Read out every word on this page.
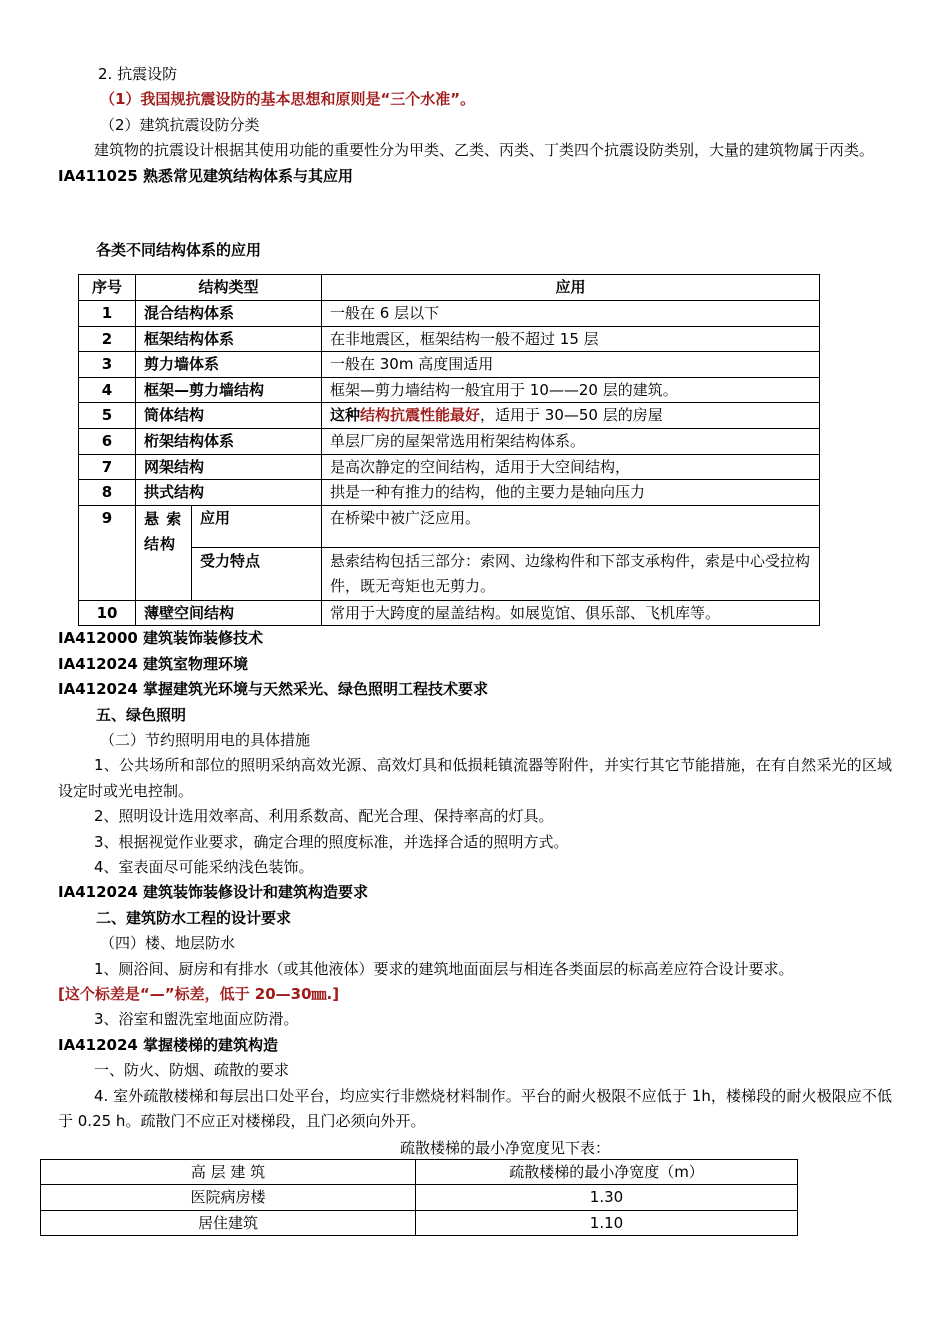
2. 抗震设防

（1）我国规抗震设防的基本思想和原则是“三个水准”。

（2）建筑抗震设防分类

建筑物的抗震设计根据其使用功能的重要性分为甲类、乙类、丙类、丁类四个抗震设防类别，大量的建筑物属于丙类。

IA411025 熟悉常见建筑结构体系与其应用

各类不同结构体系的应用

序号	结构类型		应用
1	混合结构体系		一般在 6 层以下
2	框架结构体系		在非地震区，框架结构一般不超过 15 层
3	剪力墙体系		一般在 30m 高度围适用
4	框架—剪力墙结构		框架—剪力墙结构一般宜用于 10——20 层的建筑。
5	筒体结构		这种结构抗震性能最好，适用于 30—50 层的房屋
6	桁架结构体系		单层厂房的屋架常选用桁架结构体系。
7	网架结构		是高次静定的空间结构，适用于大空间结构，
8	拱式结构		拱是一种有推力的结构，他的主要力是轴向压力
9	悬 索 结构	应用	在桥梁中被广泛应用。
		受力特点	悬索结构包括三部分：索网、边缘构件和下部支承构件，索是中心受拉构件，既无弯矩也无剪力。
10	薄壁空间结构		常用于大跨度的屋盖结构。如展览馆、俱乐部、飞机库等。

IA412000 建筑装饰装修技术

IA412024 建筑室物理环境

IA412024 掌握建筑光环境与天然采光、绿色照明工程技术要求

五、绿色照明

（二）节约照明用电的具体措施

1、公共场所和部位的照明采纳高效光源、高效灯具和低损耗镇流器等附件，并实行其它节能措施，在有自然采光的区域设定时或光电控制。

2、照明设计选用效率高、利用系数高、配光合理、保持率高的灯具。

3、根据视觉作业要求，确定合理的照度标准，并选择合适的照明方式。

4、室表面尽可能采纳浅色装饰。

IA412024 建筑装饰装修设计和建筑构造要求

二、建筑防水工程的设计要求

（四）楼、地层防水

1、厕浴间、厨房和有排水（或其他液体）要求的建筑地面面层与相连各类面层的标高差应符合设计要求。

[这个标差是“—”标差，低于 20—30㎜.]

3、浴室和盥洗室地面应防滑。

IA412024 掌握楼梯的建筑构造

一、防火、防烟、疏散的要求

4. 室外疏散楼梯和每层出口处平台，均应实行非燃烧材料制作。平台的耐火极限不应低于 1h，楼梯段的耐火极限应不低于 0.25 h。疏散门不应正对楼梯段，且门必须向外开。

疏散楼梯的最小净宽度见下表：

高 层 建 筑	疏散楼梯的最小净宽度（m）
医院病房楼	1.30
居住建筑	1.10
